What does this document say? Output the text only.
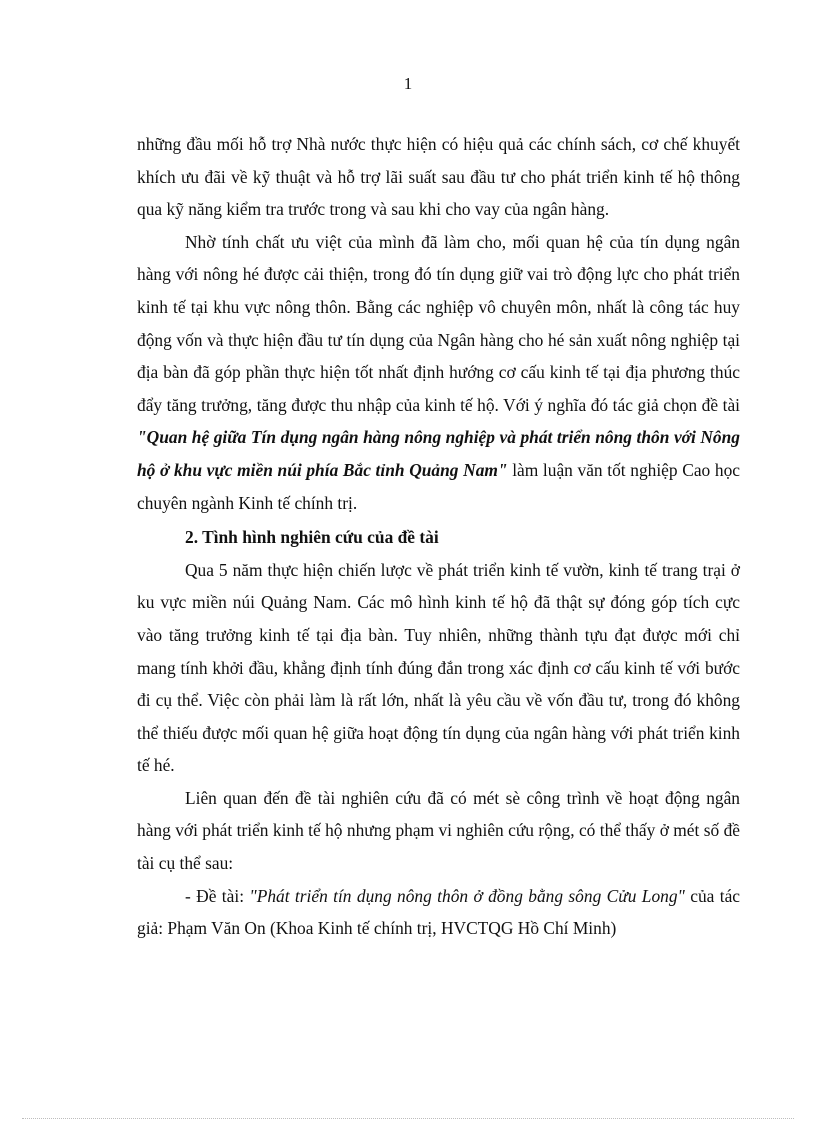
1

những đầu mối hỗ trợ Nhà nước thực hiện có hiệu quả các chính sách, cơ chế khuyết khích ưu đãi về kỹ thuật và hỗ trợ lãi suất sau đầu tư cho phát triển kinh tế hộ thông qua kỹ năng kiểm tra trước trong và sau khi cho vay của ngân hàng.

Nhờ tính chất ưu việt của mình đã làm cho, mối quan hệ của tín dụng ngân hàng với nông hé được cải thiện, trong đó tín dụng giữ vai trò động lực cho phát triển kinh tế tại khu vực nông thôn. Bằng các nghiệp vô chuyên môn, nhất là công tác huy động vốn và thực hiện đầu tư tín dụng của Ngân hàng cho hé sản xuất nông nghiệp tại địa bàn đã góp phần thực hiện tốt nhất định hướng cơ cấu kinh tế tại địa phương thúc đẩy tăng trưởng, tăng được thu nhập của kinh tế hộ. Với ý nghĩa đó tác giả chọn đề tài "Quan hệ giữa Tín dụng ngân hàng nông nghiệp và phát triển nông thôn với Nông hộ ở khu vực miền núi phía Bắc tỉnh Quảng Nam" làm luận văn tốt nghiệp Cao học chuyên ngành Kinh tế chính trị.

2. Tình hình nghiên cứu của đề tài

Qua 5 năm thực hiện chiến lược về phát triển kinh tế vườn, kinh tế trang trại ở ku vực miền núi Quảng Nam. Các mô hình kinh tế hộ đã thật sự đóng góp tích cực vào tăng trưởng kinh tế tại địa bàn. Tuy nhiên, những thành tựu đạt được mới chỉ mang tính khởi đầu, khẳng định tính đúng đắn trong xác định cơ cấu kinh tế với bước đi cụ thể. Việc còn phải làm là rất lớn, nhất là yêu cầu về vốn đầu tư, trong đó không thể thiếu được mối quan hệ giữa hoạt động tín dụng của ngân hàng với phát triển kinh tế hé.

Liên quan đến đề tài nghiên cứu đã có mét sè công trình về hoạt động ngân hàng với phát triển kinh tế hộ nhưng phạm vi nghiên cứu rộng, có thể thấy ở mét số đề tài cụ thể sau:

- Đề tài: "Phát triển tín dụng nông thôn ở đồng bằng sông Cửu Long" của tác giả: Phạm Văn On (Khoa Kinh tế chính trị, HVCTQG Hồ Chí Minh)
